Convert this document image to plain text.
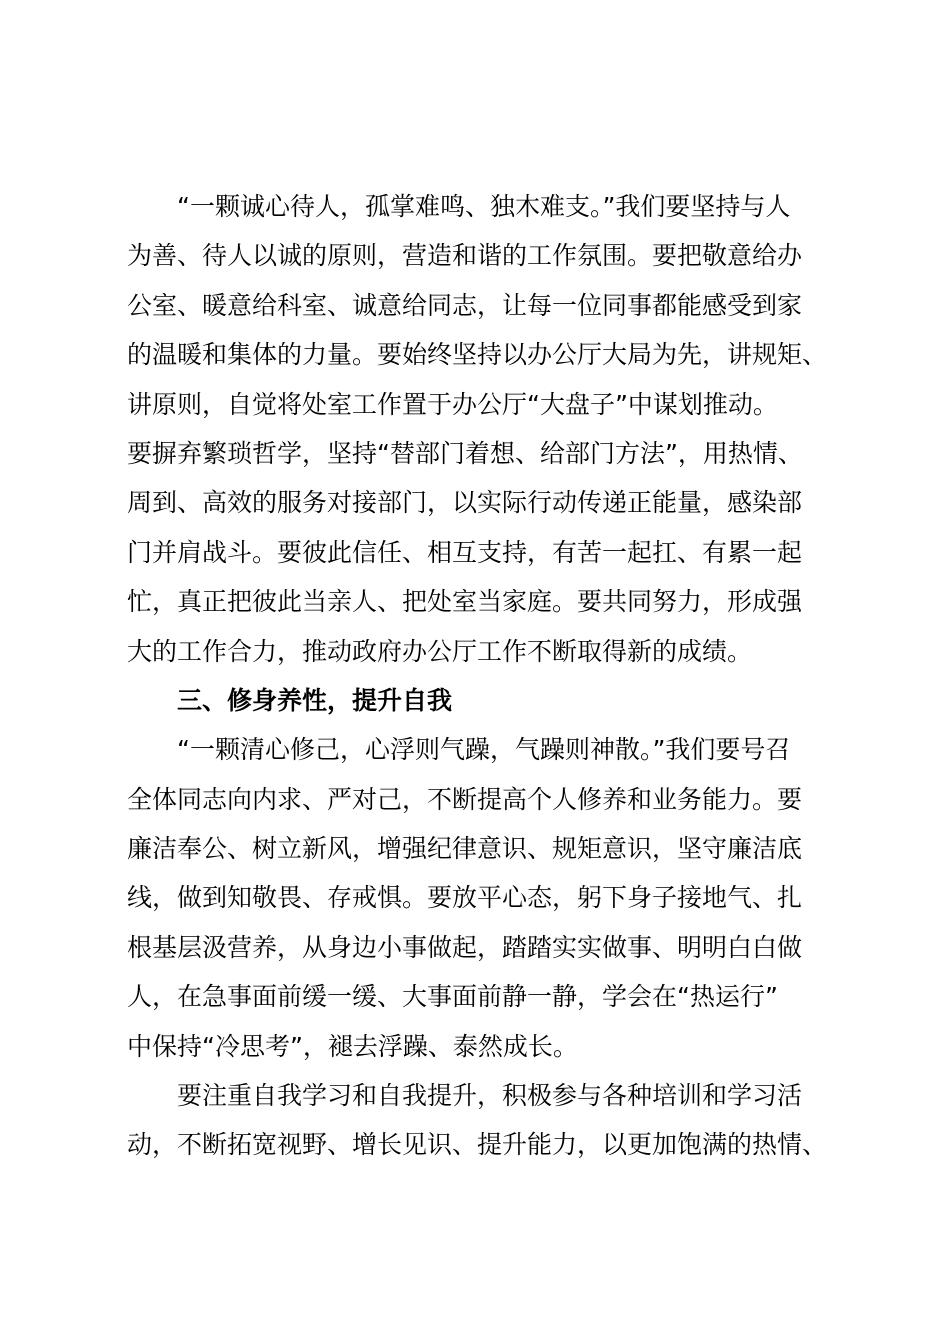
“一颗诚心待人，孤掌难鸣、独木难支。”我们要坚持与人
为善、待人以诚的原则，营造和谐的工作氛围。要把敬意给办
公室、暖意给科室、诚意给同志，让每一位同事都能感受到家
的温暖和集体的力量。要始终坚持以办公厅大局为先，讲规矩、
讲原则，自觉将处室工作置于办公厅“大盘子”中谋划推动。
要摒弃繁琐哲学，坚持“替部门着想、给部门方法”，用热情、
周到、高效的服务对接部门，以实际行动传递正能量，感染部
门并肩战斗。要彼此信任、相互支持，有苦一起扛、有累一起
忙，真正把彼此当亲人、把处室当家庭。要共同努力，形成强
大的工作合力，推动政府办公厅工作不断取得新的成绩。
三、修身养性，提升自我
“一颗清心修己，心浮则气躁，气躁则神散。”我们要号召
全体同志向内求、严对己，不断提高个人修养和业务能力。要
廉洁奉公、树立新风，增强纪律意识、规矩意识，坚守廉洁底
线，做到知敬畏、存戒惧。要放平心态，躬下身子接地气、扎
根基层汲营养，从身边小事做起，踏踏实实做事、明明白白做
人，在急事面前缓一缓、大事面前静一静，学会在“热运行”
中保持“冷思考”，褪去浮躁、泰然成长。
要注重自我学习和自我提升，积极参与各种培训和学习活
动，不断拓宽视野、增长见识、提升能力，以更加饱满的热情、
